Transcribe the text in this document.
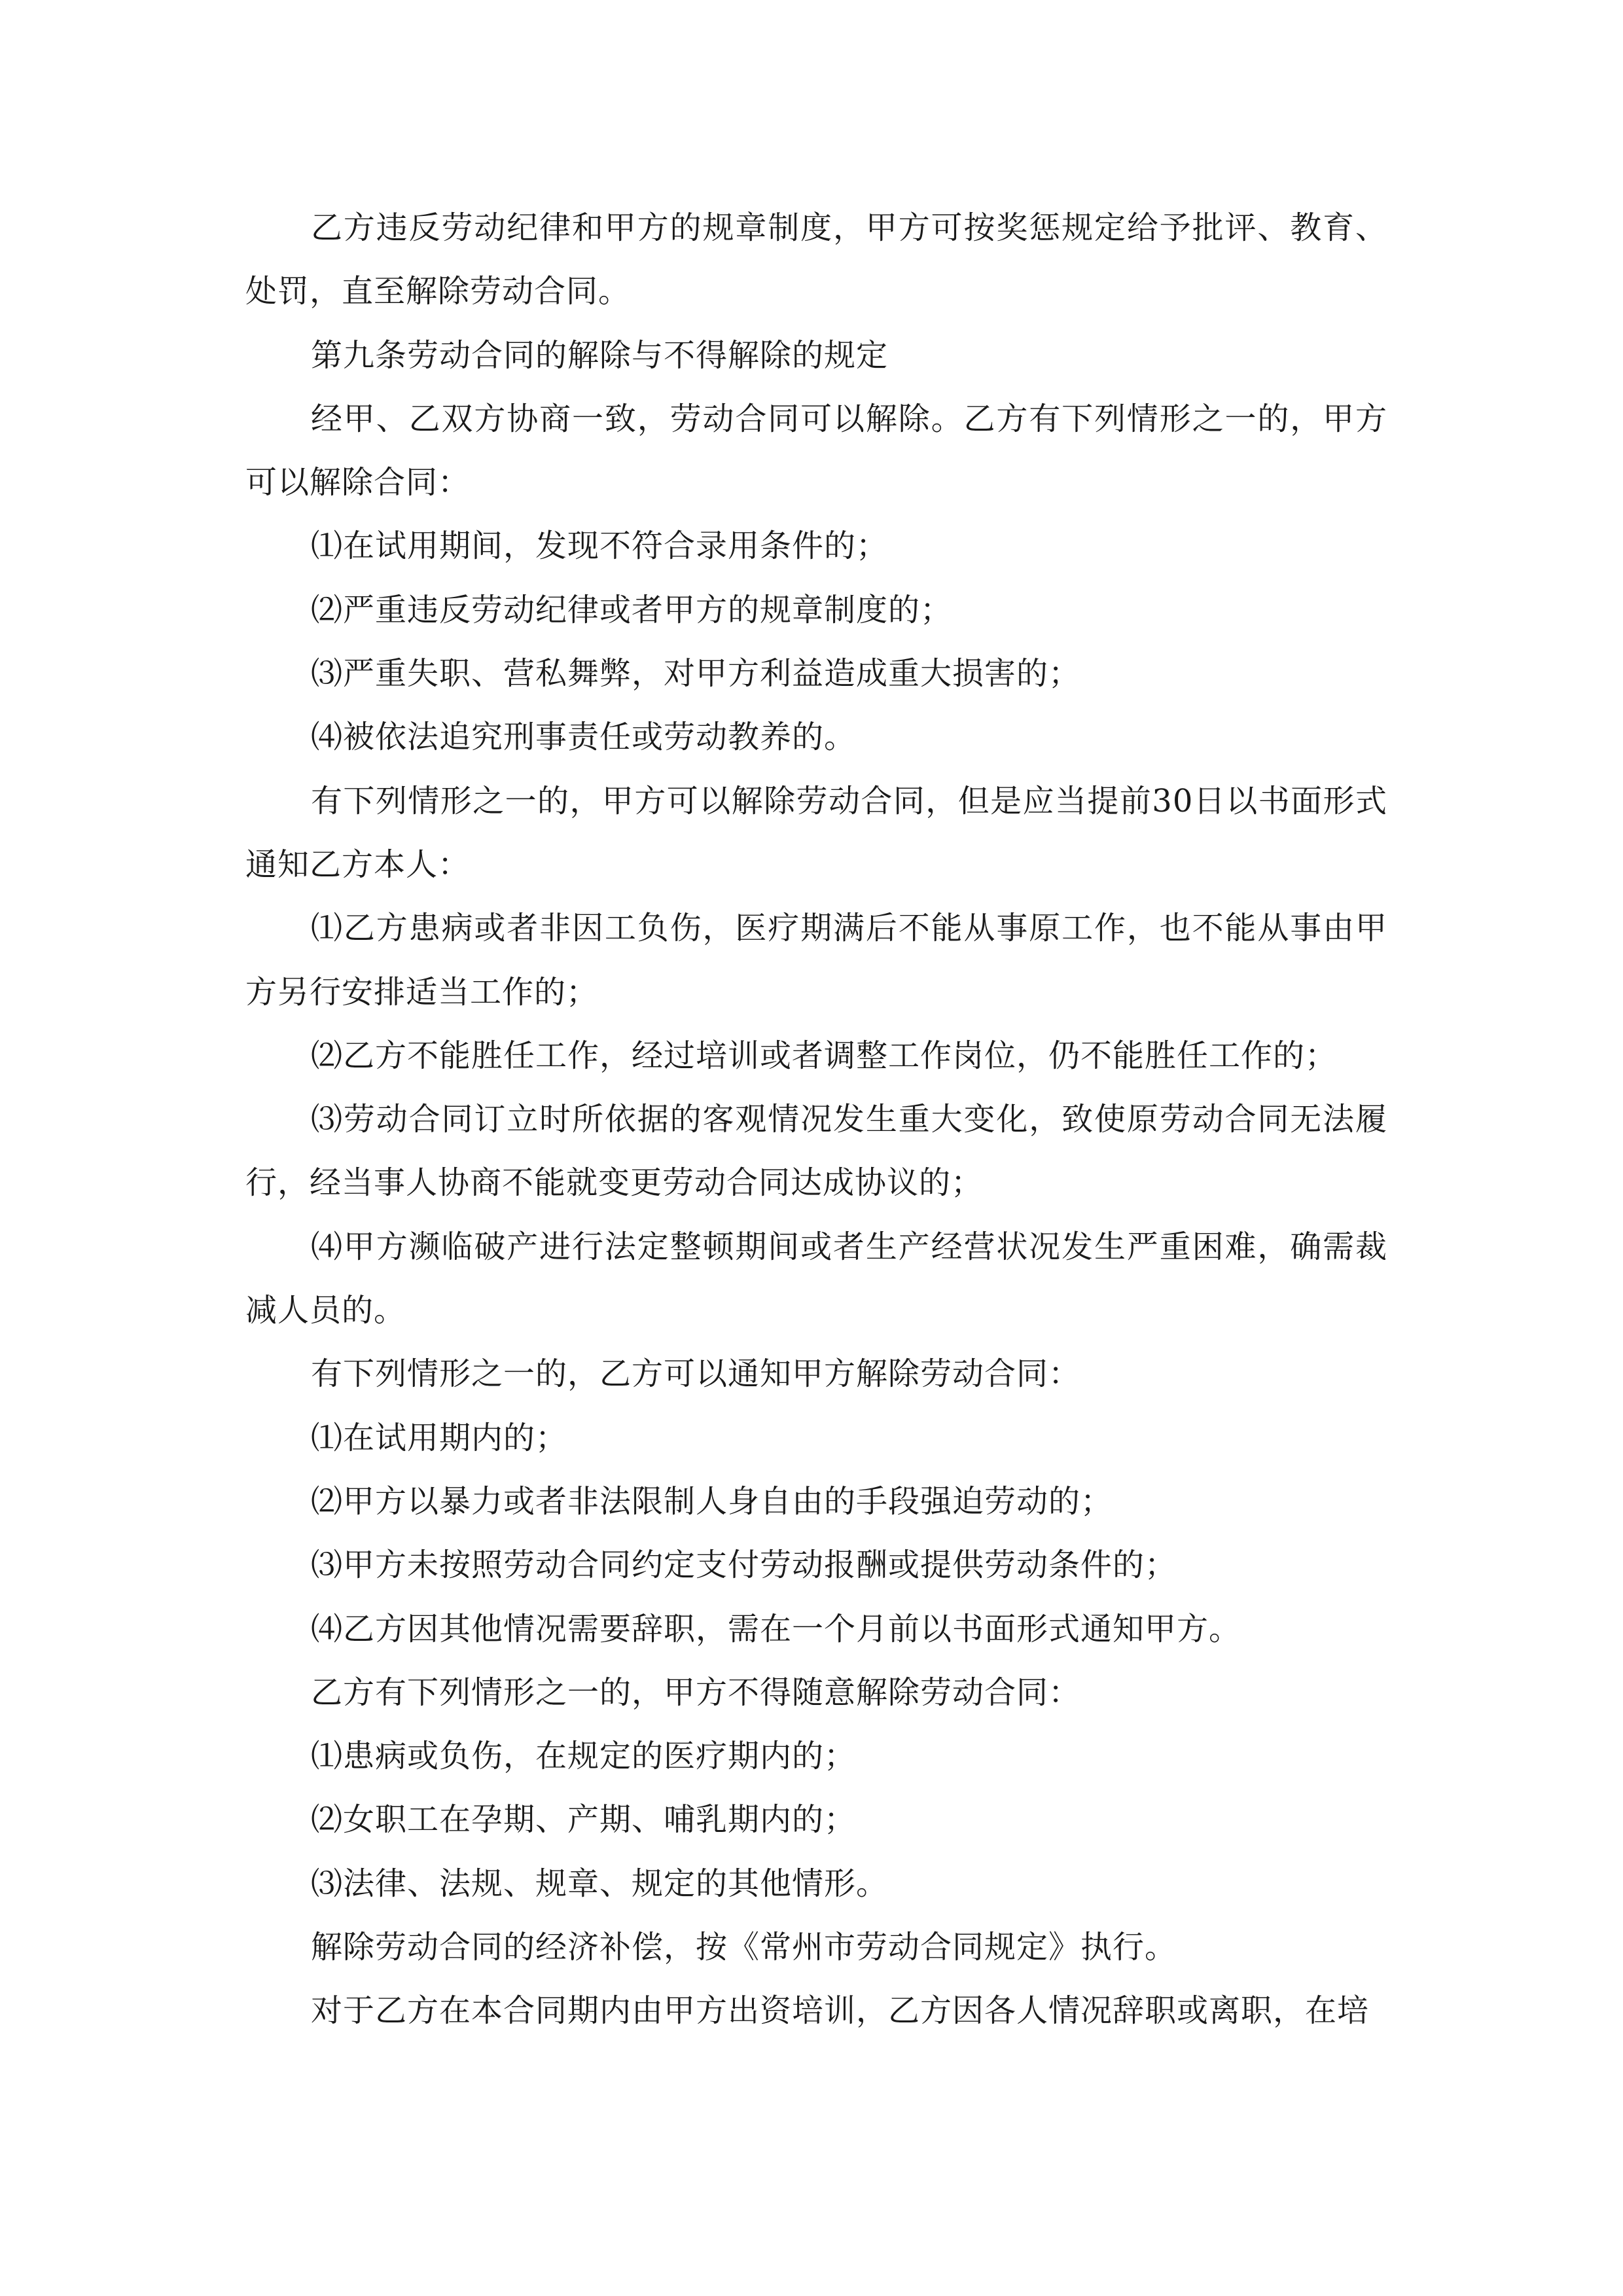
乙方违反劳动纪律和甲方的规章制度，甲方可按奖惩规定给予批评、教育、处罚，直至解除劳动合同。

第九条劳动合同的解除与不得解除的规定

经甲、乙双方协商一致，劳动合同可以解除。乙方有下列情形之一的，甲方可以解除合同：

⑴在试用期间，发现不符合录用条件的；

⑵严重违反劳动纪律或者甲方的规章制度的；

⑶严重失职、营私舞弊，对甲方利益造成重大损害的；

⑷被依法追究刑事责任或劳动教养的。

有下列情形之一的，甲方可以解除劳动合同，但是应当提前30日以书面形式通知乙方本人：

⑴乙方患病或者非因工负伤，医疗期满后不能从事原工作，也不能从事由甲方另行安排适当工作的；

⑵乙方不能胜任工作，经过培训或者调整工作岗位，仍不能胜任工作的；

⑶劳动合同订立时所依据的客观情况发生重大变化，致使原劳动合同无法履行，经当事人协商不能就变更劳动合同达成协议的；

⑷甲方濒临破产进行法定整顿期间或者生产经营状况发生严重困难，确需裁减人员的。

有下列情形之一的，乙方可以通知甲方解除劳动合同：

⑴在试用期内的；

⑵甲方以暴力或者非法限制人身自由的手段强迫劳动的；

⑶甲方未按照劳动合同约定支付劳动报酬或提供劳动条件的；

⑷乙方因其他情况需要辞职，需在一个月前以书面形式通知甲方。

乙方有下列情形之一的，甲方不得随意解除劳动合同：

⑴患病或负伤，在规定的医疗期内的；

⑵女职工在孕期、产期、哺乳期内的；

⑶法律、法规、规章、规定的其他情形。

解除劳动合同的经济补偿，按《常州市劳动合同规定》执行。

对于乙方在本合同期内由甲方出资培训，乙方因各人情况辞职或离职，在培
